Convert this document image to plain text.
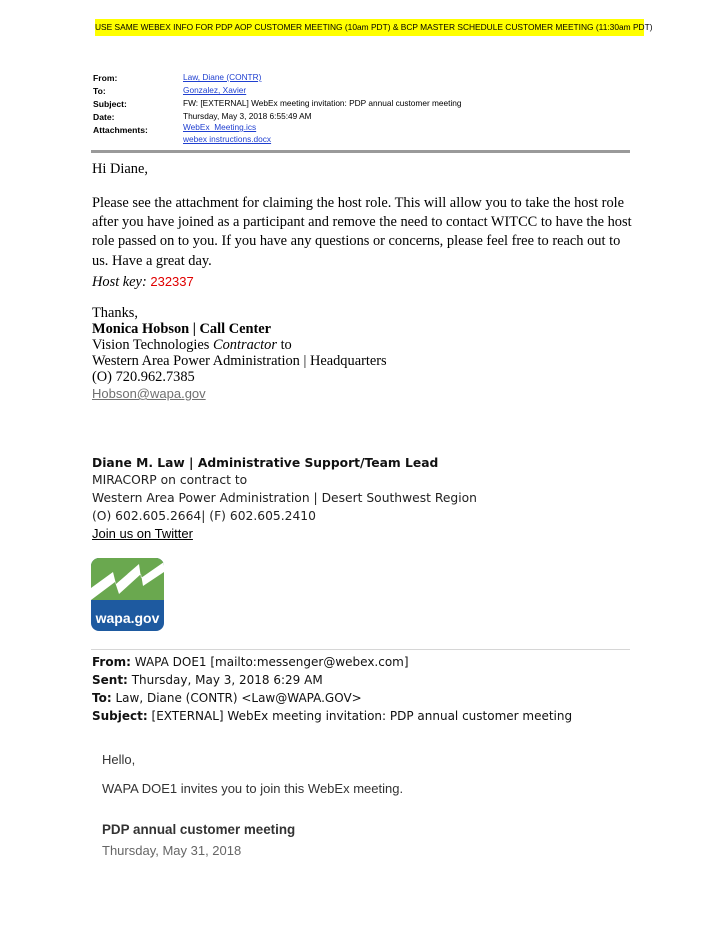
USE SAME WEBEX INFO FOR PDP AOP CUSTOMER MEETING (10am PDT) & BCP MASTER SCHEDULE CUSTOMER MEETING (11:30am PDT)
From:	Law, Diane (CONTR)
To:	Gonzalez, Xavier
Subject:	FW: [EXTERNAL] WebEx meeting invitation: PDP annual customer meeting
Date:	Thursday, May 3, 2018 6:55:49 AM
Attachments:	WebEx_Meeting.ics
webex instructions.docx
Hi Diane,
Please see the attachment for claiming the host role. This will allow you to take the host role after you have joined as a participant and remove the need to contact WITCC to have the host role passed on to you. If you have any questions or concerns, please feel free to reach out to us. Have a great day.
Host key: 232337
Thanks,
Monica Hobson | Call Center
Vision Technologies Contractor to
Western Area Power Administration | Headquarters
(O) 720.962.7385
Hobson@wapa.gov
Diane M. Law | Administrative Support/Team Lead
MIRACORP on contract to
Western Area Power Administration | Desert Southwest Region
(O) 602.605.2664| (F) 602.605.2410
Join us on Twitter
wapa.gov
From: WAPA DOE1 [mailto:messenger@webex.com]
Sent: Thursday, May 3, 2018 6:29 AM
To: Law, Diane (CONTR) <Law@WAPA.GOV>
Subject: [EXTERNAL] WebEx meeting invitation: PDP annual customer meeting
Hello,
WAPA DOE1 invites you to join this WebEx meeting.
PDP annual customer meeting
Thursday, May 31, 2018
